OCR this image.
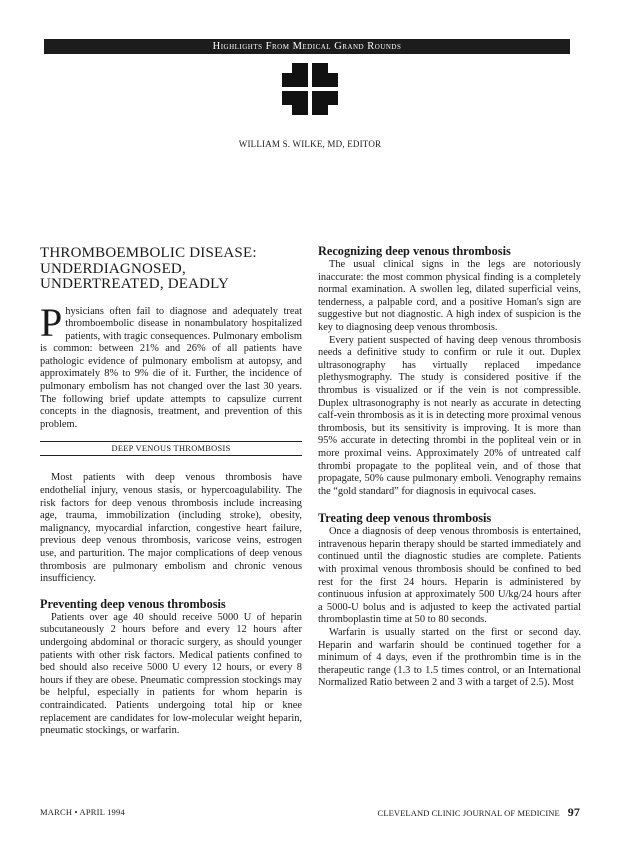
Highlights From Medical Grand Rounds
WILLIAM S. WILKE, MD, EDITOR
THROMBOEMBOLIC DISEASE:
UNDERDIAGNOSED,
UNDERTREATED, DEADLY

Physicians often fail to diagnose and adequately treat thromboembolic disease in nonambulatory hospitalized patients, with tragic consequences. Pulmonary embolism is common: between 21% and 26% of all patients have pathologic evidence of pulmonary embolism at autopsy, and approximately 8% to 9% die of it. Further, the incidence of pulmonary embolism has not changed over the last 30 years. The following brief update attempts to capsulize current concepts in the diagnosis, treatment, and prevention of this problem.

DEEP VENOUS THROMBOSIS

Most patients with deep venous thrombosis have endothelial injury, venous stasis, or hypercoagulability. The risk factors for deep venous thrombosis include increasing age, trauma, immobilization (including stroke), obesity, malignancy, myocardial infarction, congestive heart failure, previous deep venous thrombosis, varicose veins, estrogen use, and parturition. The major complications of deep venous thrombosis are pulmonary embolism and chronic venous insufficiency.

Preventing deep venous thrombosis

Patients over age 40 should receive 5000 U of heparin subcutaneously 2 hours before and every 12 hours after undergoing abdominal or thoracic surgery, as should younger patients with other risk factors. Medical patients confined to bed should also receive 5000 U every 12 hours, or every 8 hours if they are obese. Pneumatic compression stockings may be helpful, especially in patients for whom heparin is contraindicated. Patients undergoing total hip or knee replacement are candidates for low-molecular weight heparin, pneumatic stockings, or warfarin.

Recognizing deep venous thrombosis

The usual clinical signs in the legs are notoriously inaccurate: the most common physical finding is a completely normal examination. A swollen leg, dilated superficial veins, tenderness, a palpable cord, and a positive Homan's sign are suggestive but not diagnostic. A high index of suspicion is the key to diagnosing deep venous thrombosis.

Every patient suspected of having deep venous thrombosis needs a definitive study to confirm or rule it out. Duplex ultrasonography has virtually replaced impedance plethysmography. The study is considered positive if the thrombus is visualized or if the vein is not compressible. Duplex ultrasonography is not nearly as accurate in detecting calf-vein thrombosis as it is in detecting more proximal venous thrombosis, but its sensitivity is improving. It is more than 95% accurate in detecting thrombi in the popliteal vein or in more proximal veins. Approximately 20% of untreated calf thrombi propagate to the popliteal vein, and of those that propagate, 50% cause pulmonary emboli. Venography remains the “gold standard” for diagnosis in equivocal cases.

Treating deep venous thrombosis

Once a diagnosis of deep venous thrombosis is entertained, intravenous heparin therapy should be started immediately and continued until the diagnostic studies are complete. Patients with proximal venous thrombosis should be confined to bed rest for the first 24 hours. Heparin is administered by continuous infusion at approximately 500 U/kg/24 hours after a 5000-U bolus and is adjusted to keep the activated partial thromboplastin time at 50 to 80 seconds.

Warfarin is usually started on the first or second day. Heparin and warfarin should be continued together for a minimum of 4 days, even if the prothrombin time is in the therapeutic range (1.3 to 1.5 times control, or an International Normalized Ratio between 2 and 3 with a target of 2.5). Most

MARCH • APRIL 1994	CLEVELAND CLINIC JOURNAL OF MEDICINE 97
